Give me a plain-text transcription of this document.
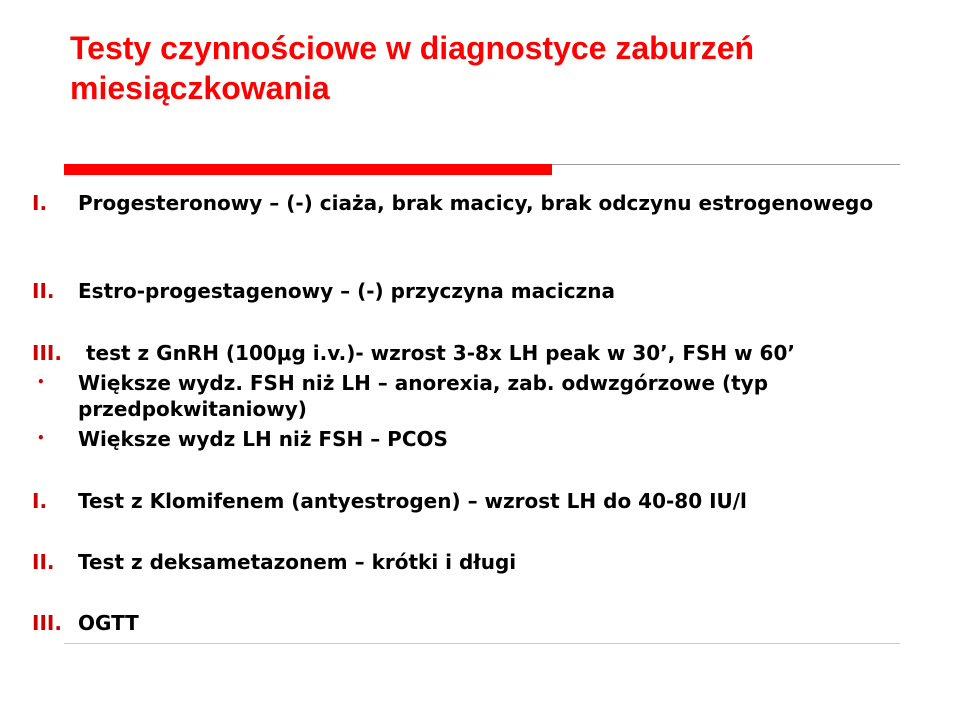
Testy czynnościowe w diagnostyce zaburzeń miesiączkowania
I. Progesteronowy – (-) ciaża, brak macicy, brak odczynu estrogenowego
II. Estro-progestagenowy – (-) przyczyna maciczna
III. test z GnRH (100μg i.v.)- wzrost 3-8x LH peak w 30’, FSH w 60’
• Większe wydz. FSH niż LH – anorexia, zab. odwzgórzowe (typ przedpokwitaniowy)
• Większe wydz LH niż FSH – PCOS
I. Test z Klomifenem (antyestrogen) – wzrost LH do 40-80 IU/l
II. Test z deksametazonem – krótki i długi
III. OGTT
